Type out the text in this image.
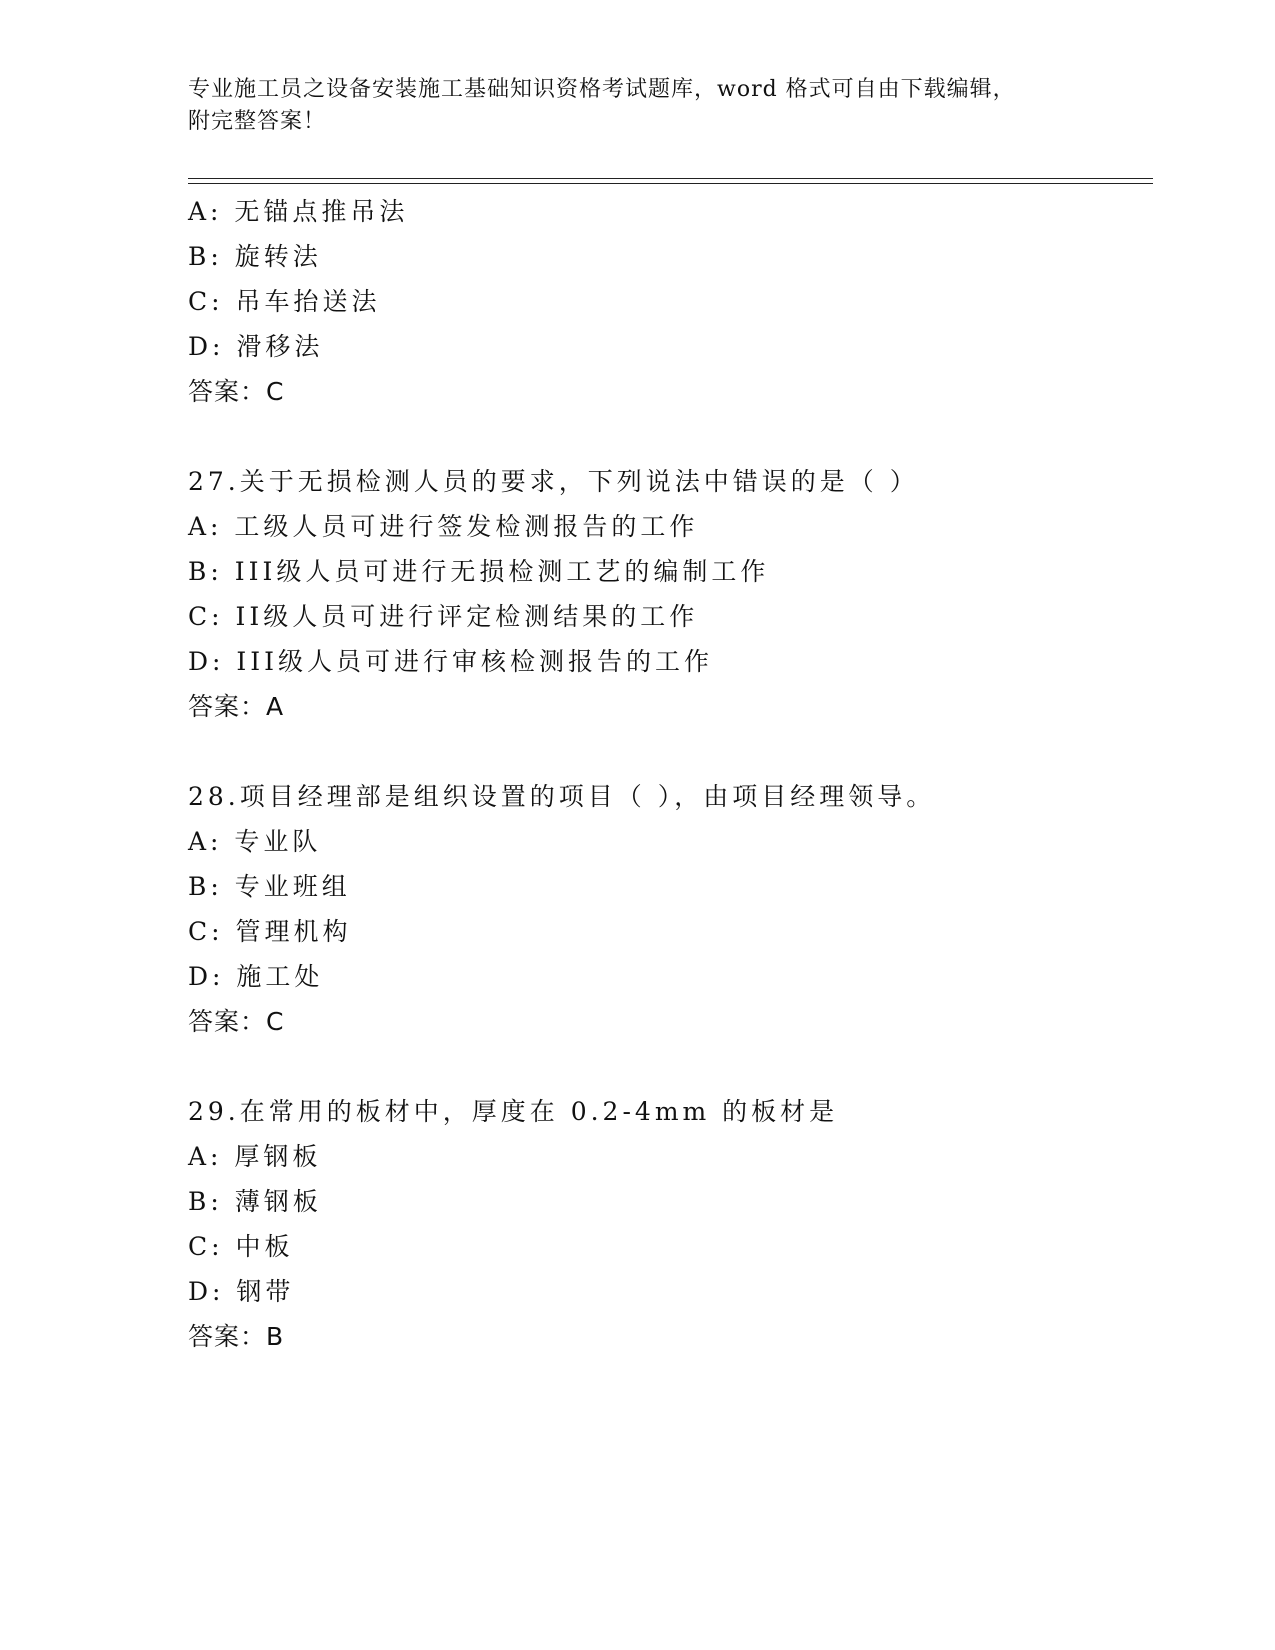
专业施工员之设备安装施工基础知识资格考试题库，word 格式可自由下载编辑，
附完整答案！
A: 无锚点推吊法
B: 旋转法
C: 吊车抬送法
D: 滑移法
答案：C
27.关于无损检测人员的要求，下列说法中错误的是（ ）
A: 工级人员可进行签发检测报告的工作
B: III级人员可进行无损检测工艺的编制工作
C: II级人员可进行评定检测结果的工作
D: III级人员可进行审核检测报告的工作
答案：A
28.项目经理部是组织设置的项目（ ），由项目经理领导。
A: 专业队
B: 专业班组
C: 管理机构
D: 施工处
答案：C
29.在常用的板材中，厚度在 0.2-4mm 的板材是
A: 厚钢板
B: 薄钢板
C: 中板
D: 钢带
答案：B
